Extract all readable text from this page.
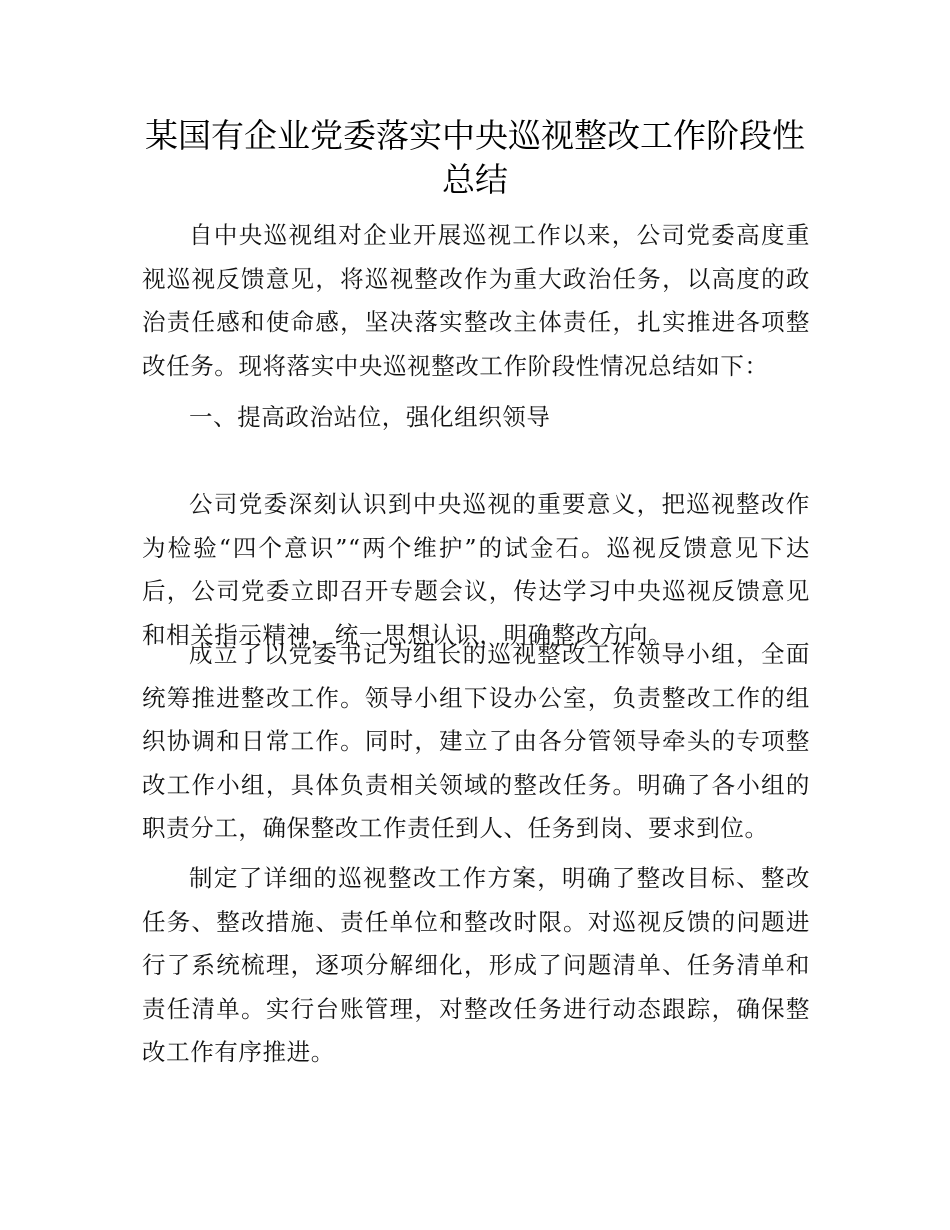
某国有企业党委落实中央巡视整改工作阶段性
总结

自中央巡视组对企业开展巡视工作以来，公司党委高度重视巡视反馈意见，将巡视整改作为重大政治任务，以高度的政治责任感和使命感，坚决落实整改主体责任，扎实推进各项整改任务。现将落实中央巡视整改工作阶段性情况总结如下：

一、提高政治站位，强化组织领导

公司党委深刻认识到中央巡视的重要意义，把巡视整改作为检验“四个意识”“两个维护”的试金石。巡视反馈意见下达后，公司党委立即召开专题会议，传达学习中央巡视反馈意见和相关指示精神，统一思想认识，明确整改方向。

成立了以党委书记为组长的巡视整改工作领导小组，全面统筹推进整改工作。领导小组下设办公室，负责整改工作的组织协调和日常工作。同时，建立了由各分管领导牵头的专项整改工作小组，具体负责相关领域的整改任务。明确了各小组的职责分工，确保整改工作责任到人、任务到岗、要求到位。

制定了详细的巡视整改工作方案，明确了整改目标、整改任务、整改措施、责任单位和整改时限。对巡视反馈的问题进行了系统梳理，逐项分解细化，形成了问题清单、任务清单和责任清单。实行台账管理，对整改任务进行动态跟踪，确保整改工作有序推进。
